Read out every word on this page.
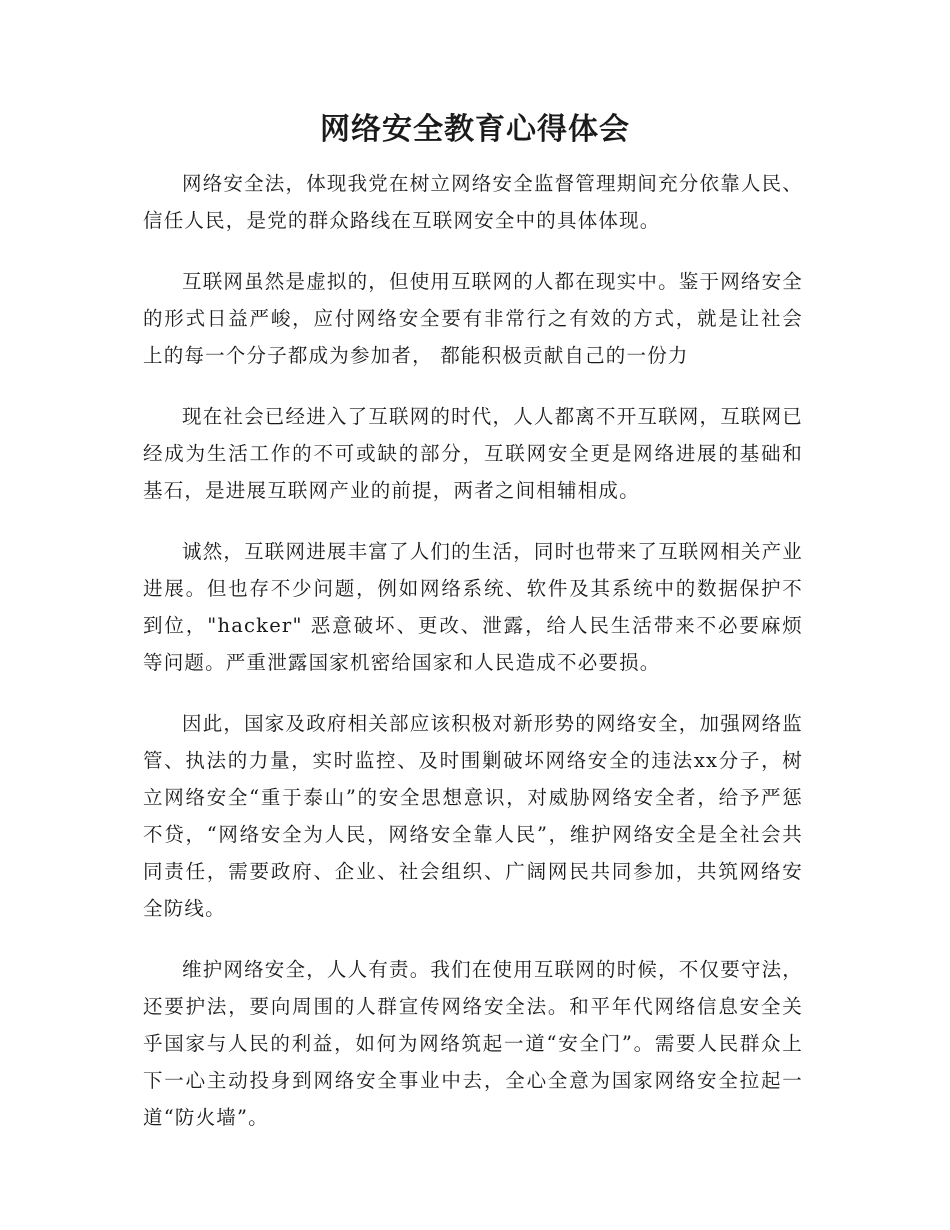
网络安全教育心得体会

网络安全法，体现我党在树立网络安全监督管理期间充分依靠人民、信任人民，是党的群众路线在互联网安全中的具体体现。

互联网虽然是虚拟的，但使用互联网的人都在现实中。鉴于网络安全的形式日益严峻，应付网络安全要有非常行之有效的方式，就是让社会上的每一个分子都成为参加者， 都能积极贡献自己的一份力

现在社会已经进入了互联网的时代，人人都离不开互联网，互联网已经成为生活工作的不可或缺的部分，互联网安全更是网络进展的基础和基石，是进展互联网产业的前提，两者之间相辅相成。

诚然，互联网进展丰富了人们的生活，同时也带来了互联网相关产业进展。但也存不少问题，例如网络系统、软件及其系统中的数据保护不到位，"hacker" 恶意破坏、更改、泄露，给人民生活带来不必要麻烦等问题。严重泄露国家机密给国家和人民造成不必要损。

因此，国家及政府相关部应该积极对新形势的网络安全，加强网络监管、执法的力量，实时监控、及时围剿破坏网络安全的违法xx分子，树立网络安全“重于泰山”的安全思想意识，对威胁网络安全者，给予严惩不贷，“网络安全为人民，网络安全靠人民”，维护网络安全是全社会共同责任，需要政府、企业、社会组织、广阔网民共同参加，共筑网络安全防线。

维护网络安全，人人有责。我们在使用互联网的时候，不仅要守法，还要护法，要向周围的人群宣传网络安全法。和平年代网络信息安全关乎国家与人民的利益，如何为网络筑起一道“安全门”。需要人民群众上下一心主动投身到网络安全事业中去，全心全意为国家网络安全拉起一道“防火墙”。
